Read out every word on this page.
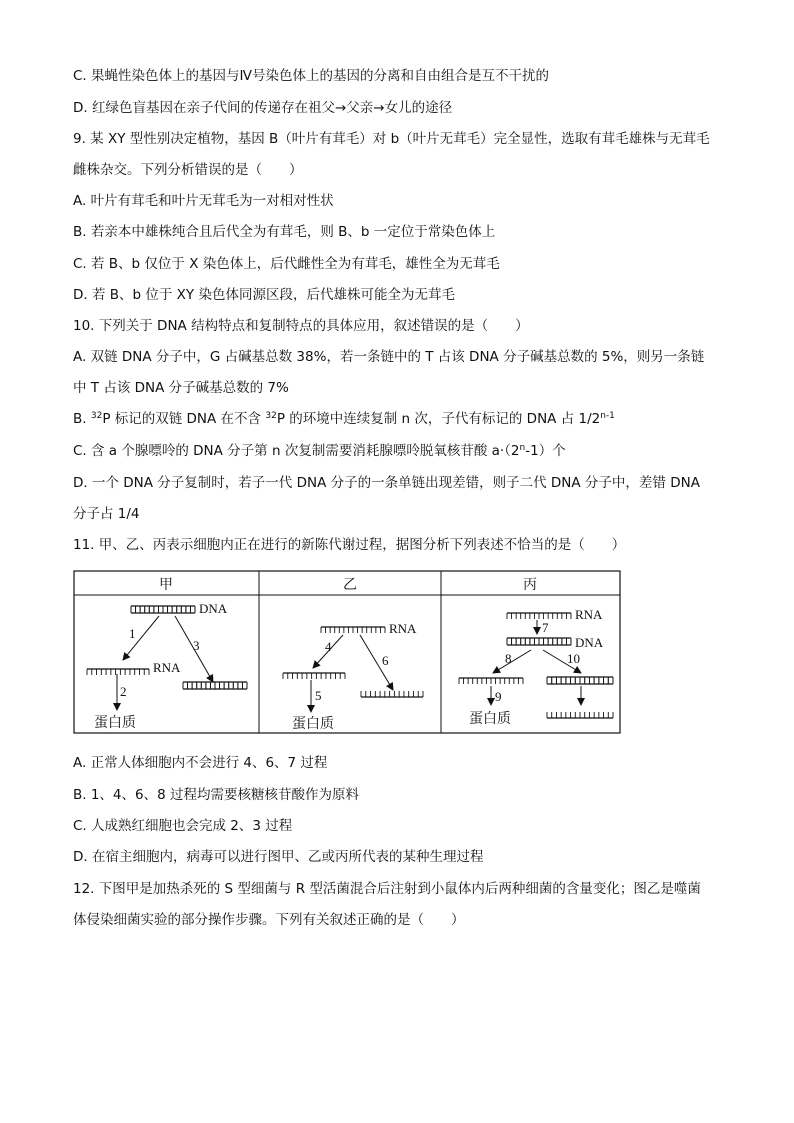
C. 果蝇性染色体上的基因与Ⅳ号染色体上的基因的分离和自由组合是互不干扰的
D. 红绿色盲基因在亲子代间的传递存在祖父→父亲→女儿的途径
9. 某 XY 型性别决定植物，基因 B（叶片有茸毛）对 b（叶片无茸毛）完全显性，选取有茸毛雄株与无茸毛
雌株杂交。下列分析错误的是（　　）
A. 叶片有茸毛和叶片无茸毛为一对相对性状
B. 若亲本中雄株纯合且后代全为有茸毛，则 B、b 一定位于常染色体上
C. 若 B、b 仅位于 X 染色体上，后代雌性全为有茸毛，雄性全为无茸毛
D. 若 B、b 位于 XY 染色体同源区段，后代雄株可能全为无茸毛
10. 下列关于 DNA 结构特点和复制特点的具体应用，叙述错误的是（　　）
A. 双链 DNA 分子中，G 占碱基总数 38%，若一条链中的 T 占该 DNA 分子碱基总数的 5%，则另一条链
中 T 占该 DNA 分子碱基总数的 7%
B. $^{32}$P 标记的双链 DNA 在不含 $^{32}$P 的环境中连续复制 n 次，子代有标记的 DNA 占 1/2$^{n-1}$
C. 含 a 个腺嘌呤的 DNA 分子第 n 次复制需要消耗腺嘌呤脱氧核苷酸 $a\cdot(2^n-1)$个
D. 一个 DNA 分子复制时，若子一代 DNA 分子的一条单链出现差错，则子二代 DNA 分子中，差错 DNA
分子占 1/4
11. 甲、乙、丙表示细胞内正在进行的新陈代谢过程，据图分析下列表述不恰当的是（　　）
甲	乙	丙
DNA
1
3
RNA
2
蛋白质
RNA
4
6
5
蛋白质
RNA
7
DNA
8	10
9
蛋白质
A. 正常人体细胞内不会进行 4、6、7 过程
B. 1、4、6、8 过程均需要核糖核苷酸作为原料
C. 人成熟红细胞也会完成 2、3 过程
D. 在宿主细胞内，病毒可以进行图甲、乙或丙所代表的某种生理过程
12. 下图甲是加热杀死的 S 型细菌与 R 型活菌混合后注射到小鼠体内后两种细菌的含量变化；图乙是噬菌
体侵染细菌实验的部分操作步骤。下列有关叙述正确的是（　　）
